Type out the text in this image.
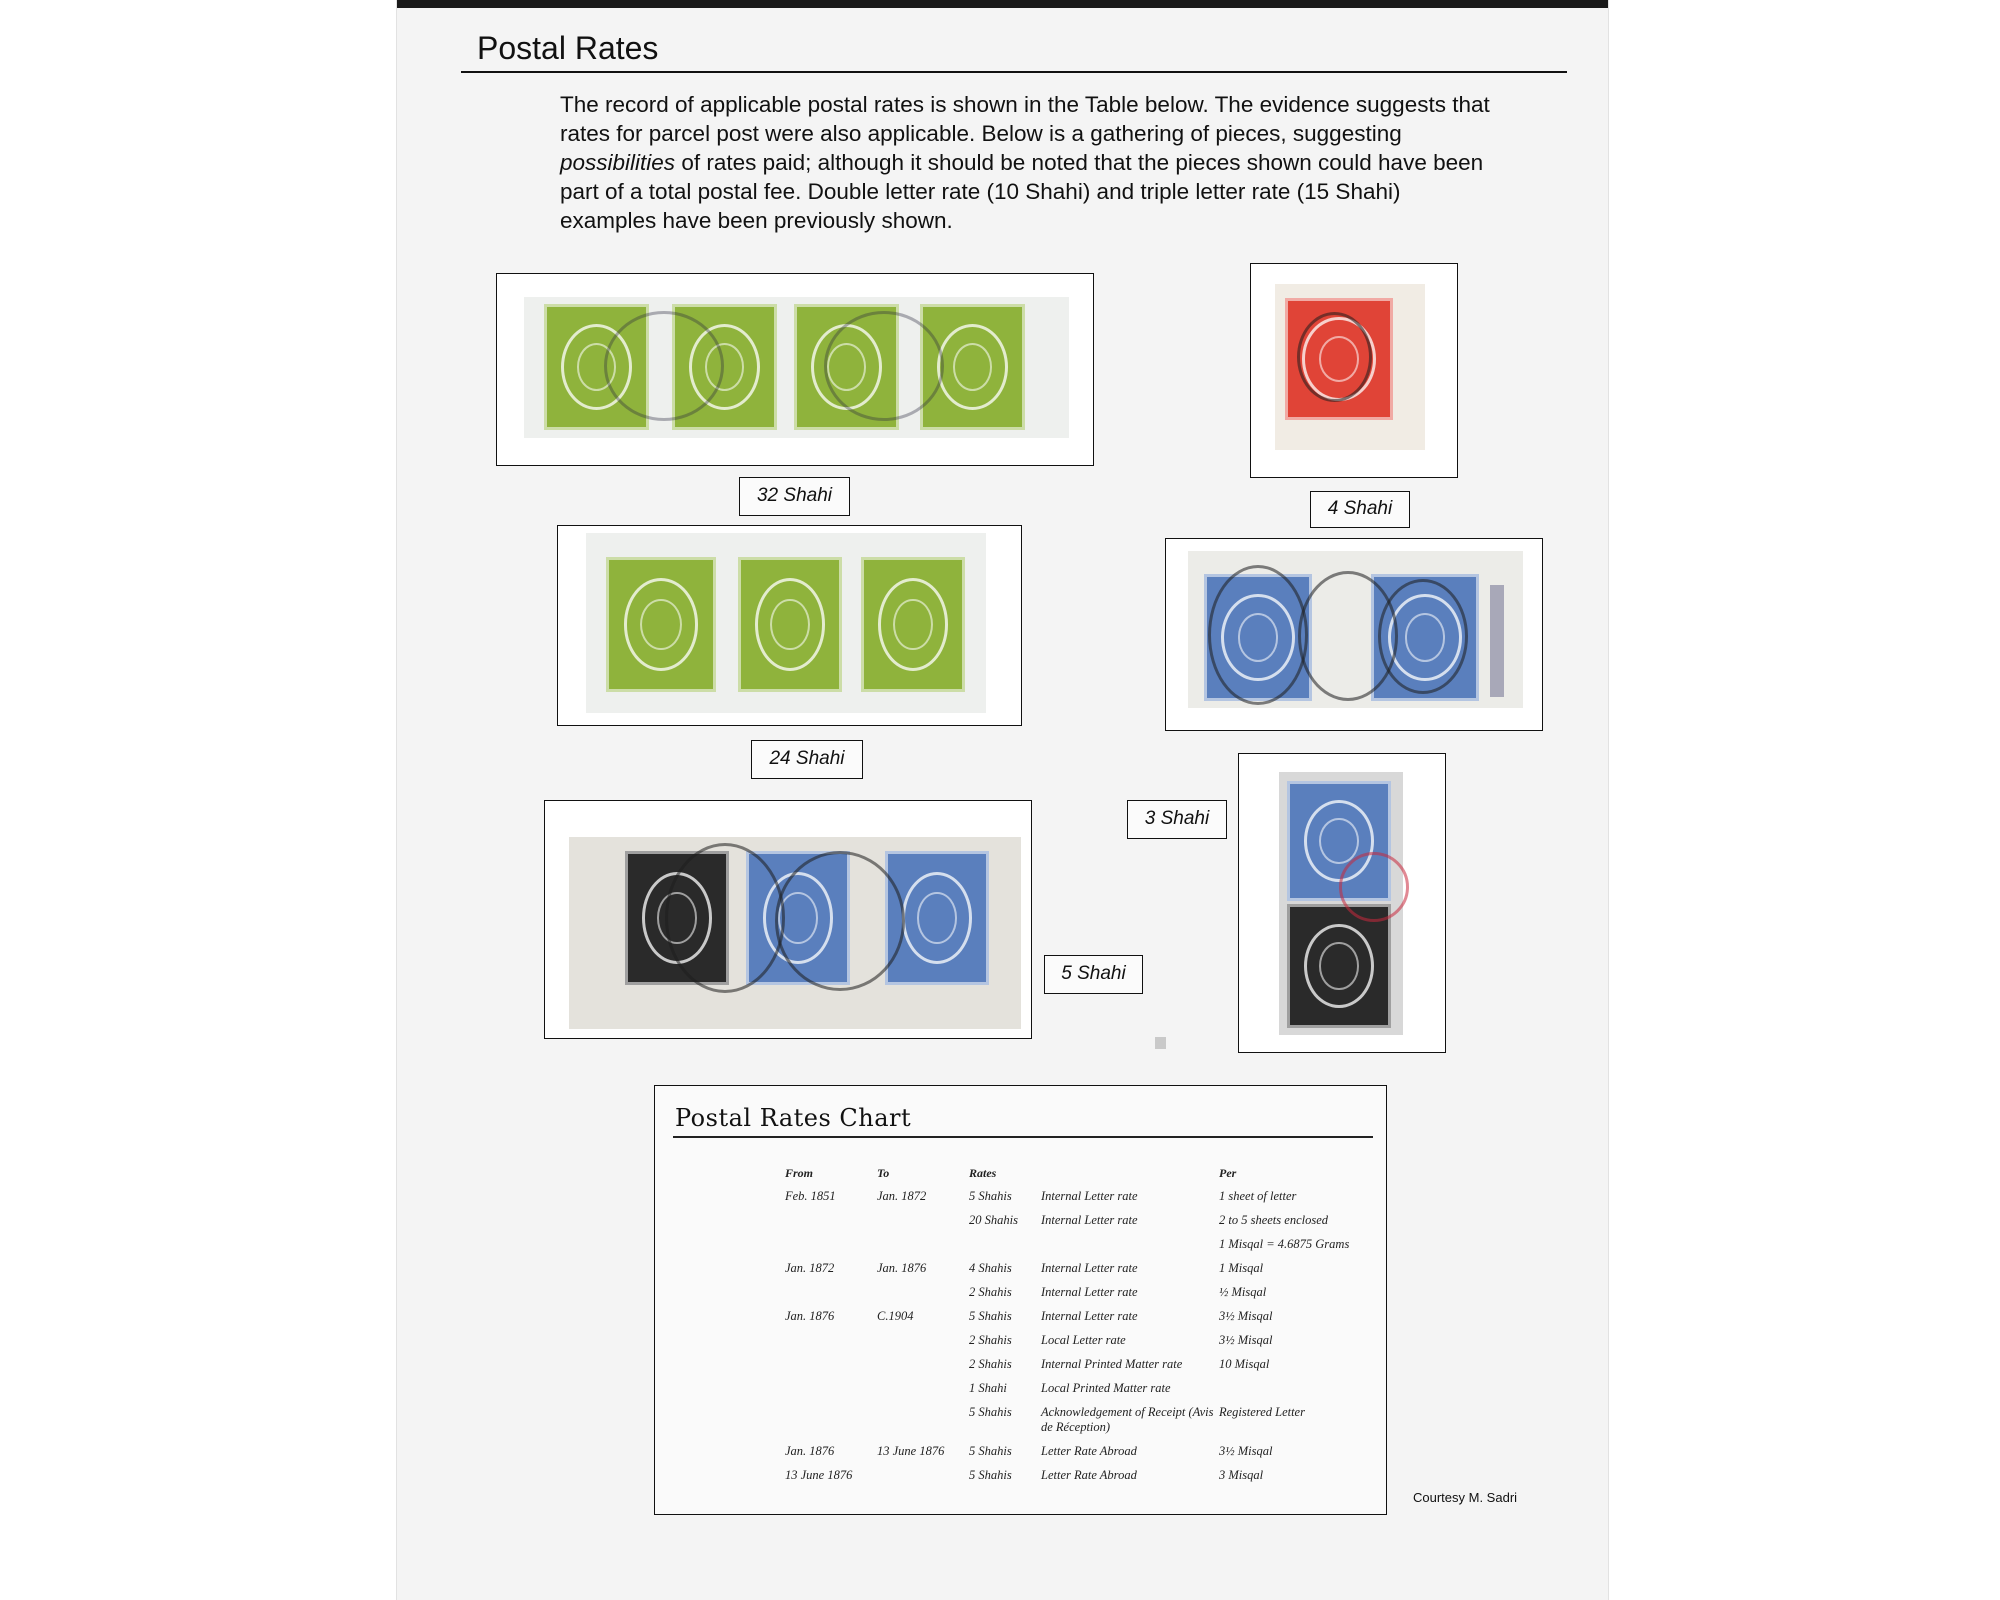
Postal Rates
The record of applicable postal rates is shown in the Table below. The evidence suggests that rates for parcel post were also applicable. Below is a gathering of pieces, suggesting possibilities of rates paid; although it should be noted that the pieces shown could have been part of a total postal fee. Double letter rate (10 Shahi) and triple letter rate (15 Shahi) examples have been previously shown.
32 Shahi
4 Shahi
24 Shahi
5 Shahi
3 Shahi
Postal Rates Chart
From	To	Rates		Per
Feb. 1851	Jan. 1872	5 Shahis	Internal Letter rate	1 sheet of letter
		20 Shahis	Internal Letter rate	2 to 5 sheets enclosed
				1 Misqal = 4.6875 Grams
Jan. 1872	Jan. 1876	4 Shahis	Internal Letter rate	1 Misqal
		2 Shahis	Internal Letter rate	½ Misqal
Jan. 1876	C.1904	5 Shahis	Internal Letter rate	3½ Misqal
		2 Shahis	Local Letter rate	3½ Misqal
		2 Shahis	Internal Printed Matter rate	10 Misqal
		1 Shahi	Local Printed Matter rate	
		5 Shahis	Acknowledgement of Receipt (Avis de Réception)	Registered Letter
Jan. 1876	13 June 1876	5 Shahis	Letter Rate Abroad	3½ Misqal
13 June 1876		5 Shahis	Letter Rate Abroad	3 Misqal
Courtesy M. Sadri
